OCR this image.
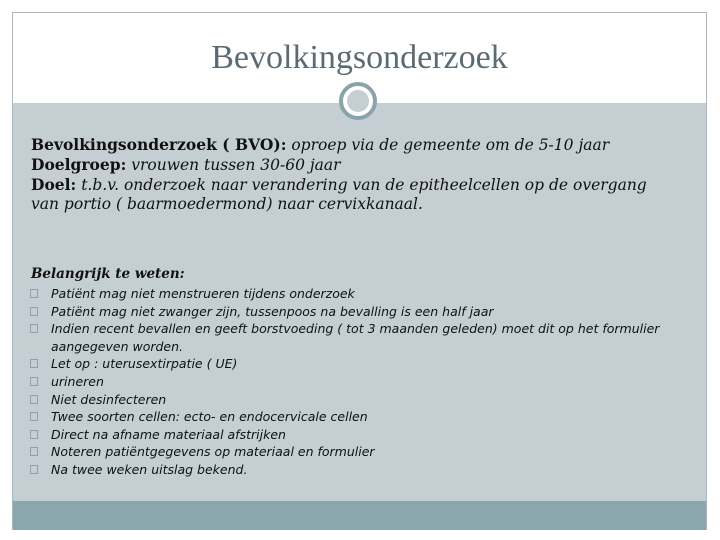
Bevolkingsonderzoek

Bevolkingsonderzoek ( BVO): oproep via de gemeente om de 5-10 jaar

Doelgroep: vrouwen tussen 30-60 jaar

Doel: t.b.v. onderzoek naar verandering van de epitheelcellen op de overgang

van portio ( baarmoedermond) naar cervixkanaal.

Belangrijk te weten:
Patiënt mag niet menstrueren tijdens onderzoek
Patiënt mag niet zwanger zijn, tussenpoos na bevalling is een half jaar
Indien recent bevallen en geeft borstvoeding ( tot 3 maanden geleden) moet dit op het formulier aangegeven worden.
Let op : uterusextirpatie ( UE)
urineren
Niet desinfecteren
Twee soorten cellen: ecto- en endocervicale cellen
Direct na afname materiaal afstrijken
Noteren patiëntgegevens op materiaal en formulier
Na twee weken uitslag bekend.
